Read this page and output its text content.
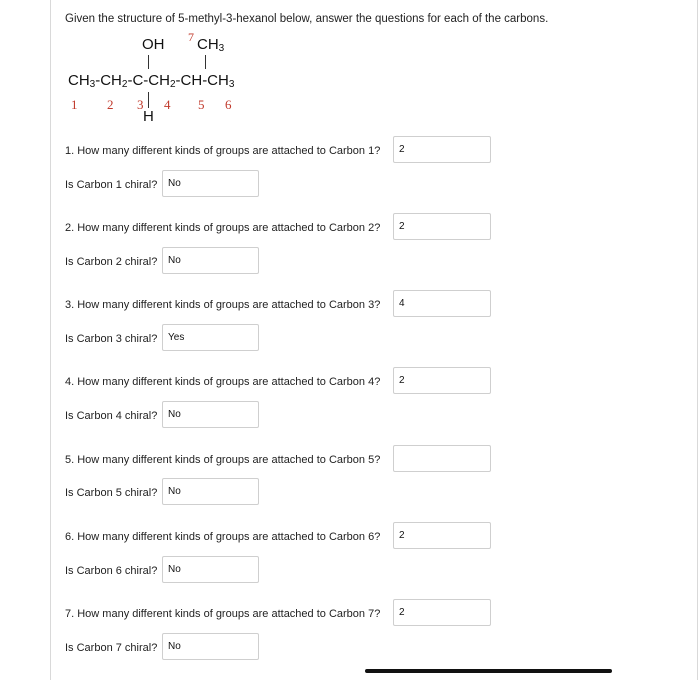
Given the structure of 5-methyl-3-hexanol below, answer the questions for each of the carbons.
OH 7 $CH_3$
$CH_3-CH_2-C-CH_2-CH-CH_3$
H
1 2 3 4 5 6
1. How many different kinds of groups are attached to Carbon 1?	2
Is Carbon 1 chiral?	No
2. How many different kinds of groups are attached to Carbon 2?	2
Is Carbon 2 chiral?	No
3. How many different kinds of groups are attached to Carbon 3?	4
Is Carbon 3 chiral?	Yes
4. How many different kinds of groups are attached to Carbon 4?	2
Is Carbon 4 chiral?	No
5. How many different kinds of groups are attached to Carbon 5?
Is Carbon 5 chiral?	No
6. How many different kinds of groups are attached to Carbon 6?	2
Is Carbon 6 chiral?	No
7. How many different kinds of groups are attached to Carbon 7?	2
Is Carbon 7 chiral?	No
